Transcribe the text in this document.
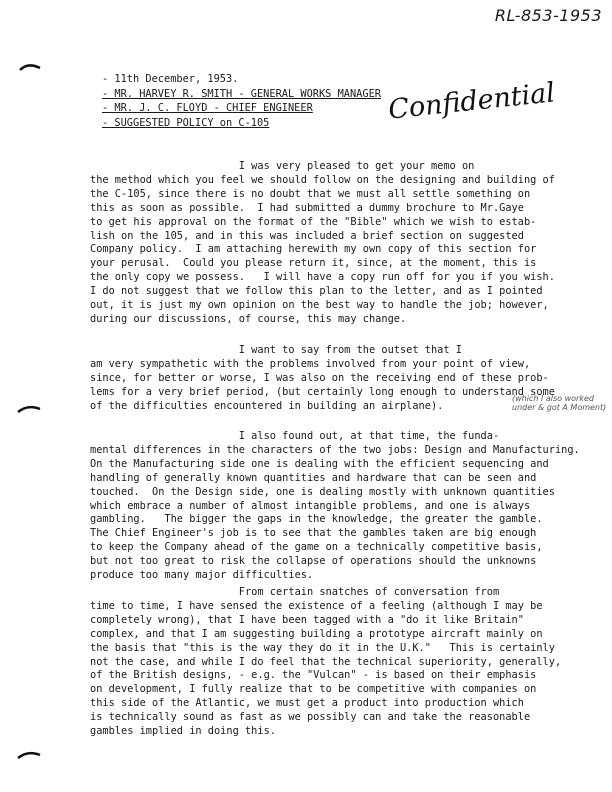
RL-853-1953
- 11th December, 1953.
- MR. HARVEY R. SMITH - GENERAL WORKS MANAGER
- MR. J. C. FLOYD - CHIEF ENGINEER
- SUGGESTED POLICY on C-105	Confidential
I was very pleased to get your memo on
the method which you feel we should follow on the designing and building of
the C-105, since there is no doubt that we must all settle something on
this as soon as possible.  I had submitted a dummy brochure to Mr.Gaye
to get his approval on the format of the "Bible" which we wish to estab-
lish on the 105, and in this was included a brief section on suggested
Company policy.  I am attaching herewith my own copy of this section for
your perusal.  Could you please return it, since, at the moment, this is
the only copy we possess.   I will have a copy run off for you if you wish.
I do not suggest that we follow this plan to the letter, and as I pointed
out, it is just my own opinion on the best way to handle the job; however,
during our discussions, of course, this may change.
I want to say from the outset that I
am very sympathetic with the problems involved from your point of view,
since, for better or worse, I was also on the receiving end of these prob-
lems for a very brief period, (but certainly long enough to understand some
of the difficulties encountered in building an airplane).
(which I also worked
under & got A Moment)
I also found out, at that time, the funda-
mental differences in the characters of the two jobs: Design and Manufacturing.
On the Manufacturing side one is dealing with the efficient sequencing and
handling of generally known quantities and hardware that can be seen and
touched.  On the Design side, one is dealing mostly with unknown quantities
which embrace a number of almost intangible problems, and one is always
gambling.   The bigger the gaps in the knowledge, the greater the gamble.
The Chief Engineer's job is to see that the gambles taken are big enough
to keep the Company ahead of the game on a technically competitive basis,
but not too great to risk the collapse of operations should the unknowns
produce too many major difficulties.
From certain snatches of conversation from
time to time, I have sensed the existence of a feeling (although I may be
completely wrong), that I have been tagged with a "do it like Britain"
complex, and that I am suggesting building a prototype aircraft mainly on
the basis that "this is the way they do it in the U.K."   This is certainly
not the case, and while I do feel that the technical superiority, generally,
of the British designs, - e.g. the "Vulcan" - is based on their emphasis
on development, I fully realize that to be competitive with companies on
this side of the Atlantic, we must get a product into production which
is technically sound as fast as we possibly can and take the reasonable
gambles implied in doing this.
